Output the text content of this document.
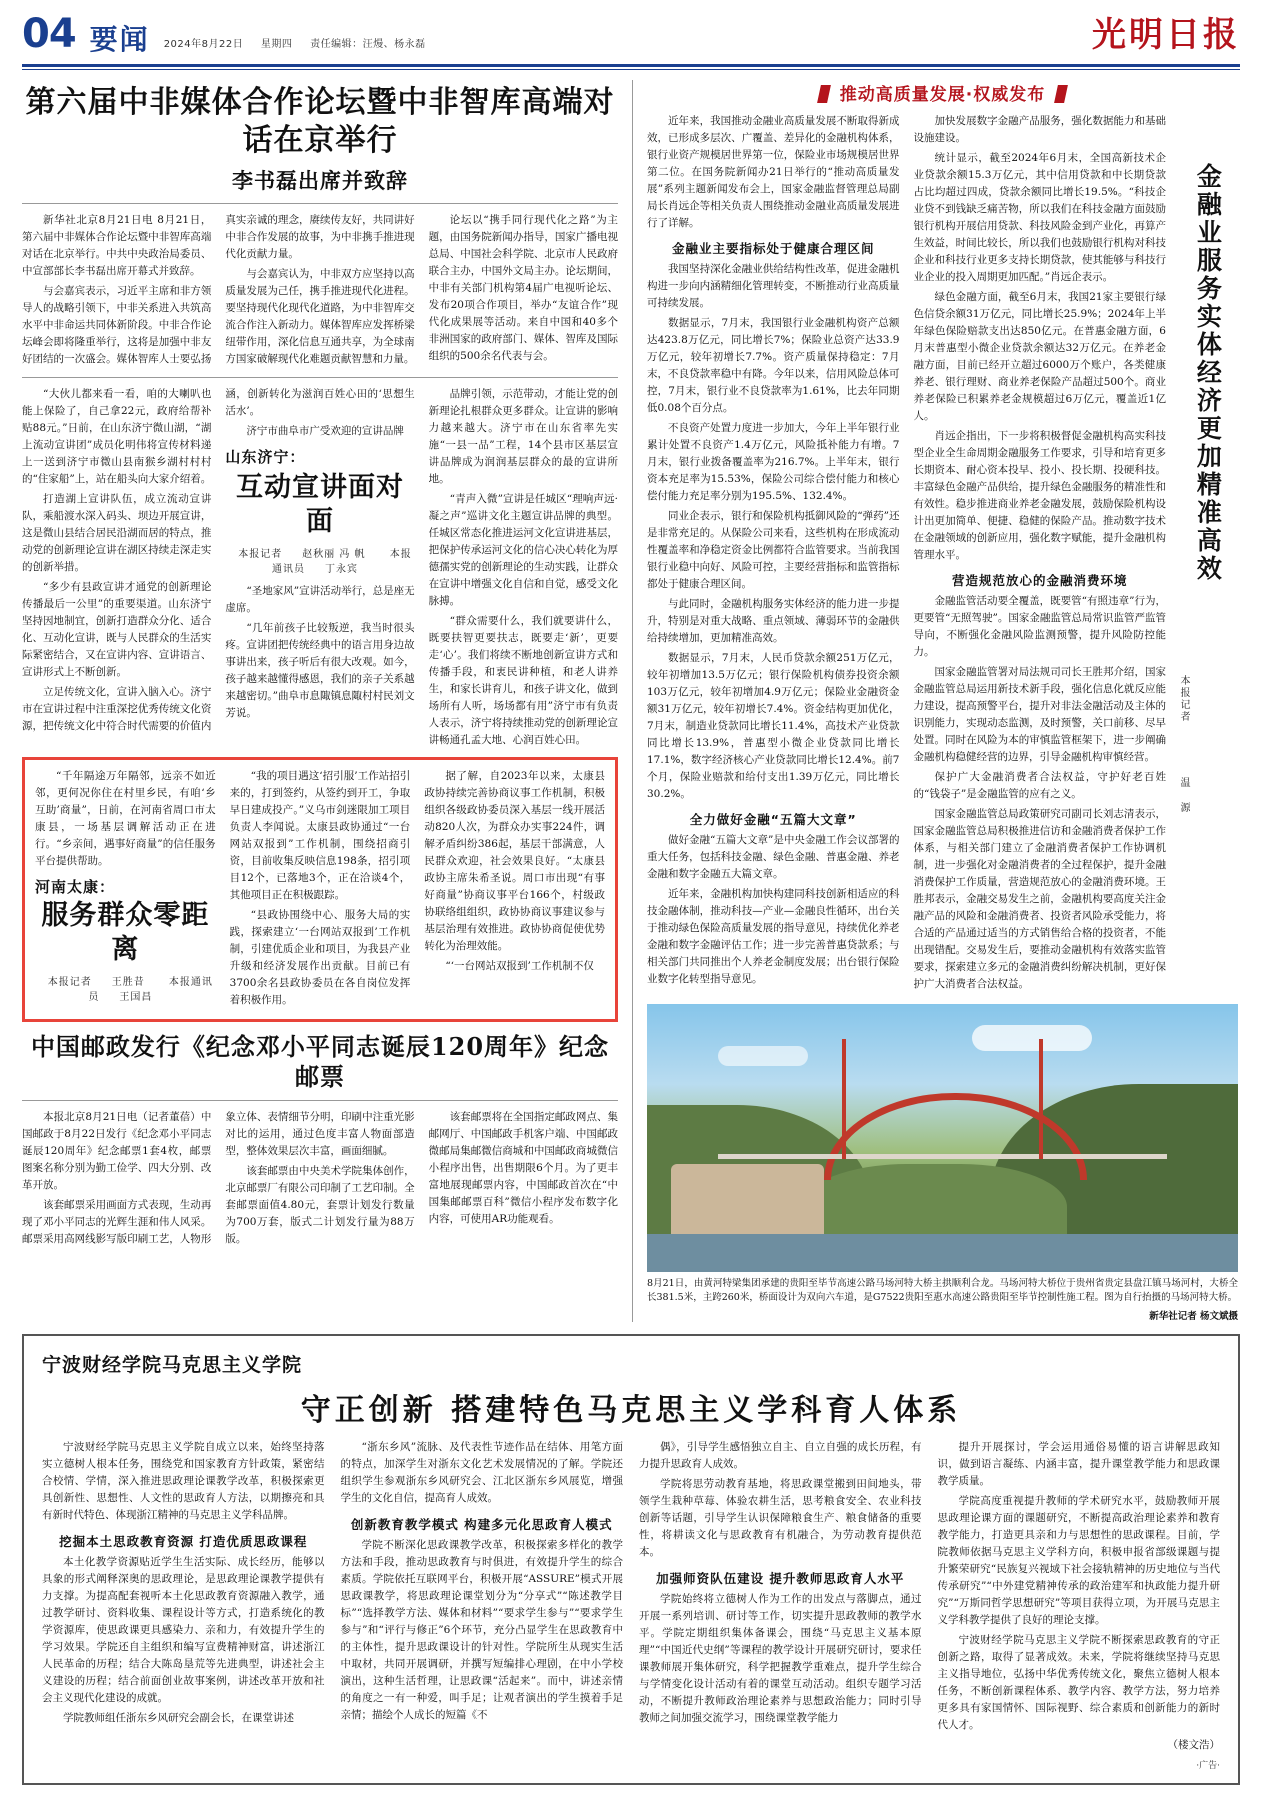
04 要闻 2024年8月22日 星期四 责任编辑：汪熳、杨永磊	光明日报
第六届中非媒体合作论坛暨中非智库高端对话在京举行
李书磊出席并致辞

新华社北京8月21日电 8月21日，第六届中非媒体合作论坛暨中非智库高端对话在北京举行。中共中央政治局委员、中宣部部长李书磊出席开幕式并致辞。

与会嘉宾表示，习近平主席和非方领导人的战略引领下，中非关系进入共筑高水平中非命运共同体新阶段。中非合作论坛峰会即将隆重举行，这将是加强中非友好团结的一次盛会。媒体智库人士要弘扬真实亲诚的理念，赓续传友好，共同讲好中非合作发展的故事，为中非携手推进现代化贡献力量。

与会嘉宾认为，中非双方应坚持以高质量发展为己任，携手推进现代化进程。要坚持现代化现代化道路，为中非智库交流合作注入新动力。媒体智库应发挥桥梁纽带作用，深化信息互通共享，为全球南方国家破解现代化难题贡献智慧和力量。

论坛以“携手同行现代化之路”为主题，由国务院新闻办指导，国家广播电视总局、中国社会科学院、北京市人民政府联合主办，中国外文局主办。论坛期间，中非有关部门机构第4届广电视听论坛、发布20项合作项目，举办“友谊合作”现代化成果展等活动。来自中国和40多个非洲国家的政府部门、媒体、智库及国际组织的500余名代表与会。

“大伙儿都来看一看，咱的大喇叭也能上保险了，自己拿22元，政府给帮补贴88元。”日前，在山东济宁微山湖，“湖上流动宣讲团”成员化明伟将宣传材料递上一送到济宁市微山县南猴乡湖村村村的“住家船”上，站在船头向大家介绍着。

打造湖上宣讲队伍，成立流动宣讲队，乘船渡水深入码头、坝边开展宣讲，这是微山县结合居民沿湖而居的特点，推动党的创新理论宣讲在湖区持续走深走实的创新举措。

“多少有县政宣讲才通党的创新理论传播最后一公里”的重要渠道。山东济宁坚持因地制宜，创新打造群众分化、适合化、互动化宣讲，既与人民群众的生活实际紧密结合，又在宣讲内容、宣讲语言、宣讲形式上不断创新。

立足传统文化，宣讲入脑入心。济宁市在宣讲过程中注重深挖优秀传统文化资源，把传统文化中符合时代需要的价值内涵，创新转化为滋润百姓心田的‘思想生活水’。

济宁市曲阜市广受欢迎的宣讲品牌

山东济宁：
互动宣讲面对面
本报记者 赵秋丽 冯 帆 本报通讯员 丁永宾

“圣地家风”宣讲活动举行，总是座无虚席。

“几年前孩子比较叛逆，我当时很头疼。宣讲团把传统经典中的语言用身边故事讲出来，孩子听后有很大改观。如今，孩子越来越懂得感恩，我们的亲子关系越来越密切。”曲阜市息陬镇息陬村村民刘文芳说。

品牌引领，示范带动，才能让党的创新理论扎根群众更多群众。让宣讲的影响力越来越大。济宁市在山东省率先实施“一县一品”工程，14个县市区基层宣讲品牌成为润润基层群众的最的宣讲所地。

“青声入微”宣讲是任城区“理响声远·凝之声”巡讲文化主题宣讲品牌的典型。任城区常态化推进运河文化宣讲进基层，把保护传承运河文化的信心决心转化为厚德孺实党的创新理论的生动实践，让群众在宣讲中增强文化自信和自觉，感受文化脉搏。

“群众需要什么，我们就要讲什么，既要扶智更要扶志，既要走‘新’，更要走‘心’。我们将续不断地创新宣讲方式和传播手段，和衷民讲种植，和老人讲养生，和家长讲育儿，和孩子讲文化，做到场所有人听，场场都有用”济宁市有负责人表示，济宁将持续推动党的创新理论宣讲畅通孔孟大地、心润百姓心田。

“千年隔途万年隔邻，远亲不如近邻，更何况你住在村里乡民，有咱‘乡互助’商量”，日前，在河南省周口市太康县，一场基层调解活动正在进行。“乡亲间，遇事好商量”的信任服务平台提供帮助。

河南太康：
服务群众零距离
本报记者 王胜昔 本报通讯员 王国昌

“我的项目遇这‘招引服’工作站招引来的，打到签约，从签约到开工，争取早日建成投产。”义乌市剑迷限加工项目负责人李闻说。太康县政协通过“一台网站双报到”工作机制，围绕招商引资，目前收集反映信息198条，招引项目12个，已落地3个，正在洽谈4个，其他项目正在积极跟踪。

“县政协围绕中心、服务大局的实践，探索建立‘一台网站双报到’工作机制，引建优质企业和项目，为我县产业升级和经济发展作出贡献。目前已有3700余名县政协委员在各自岗位发挥着积极作用。

据了解，自2023年以来，太康县政协持续完善协商议事工作机制，积极组织各级政协委员深入基层一线开展活动820人次，为群众办实事224件，调解矛盾纠纷386起，基层干部满意，人民群众欢迎，社会效果良好。“太康县政协主席朱希圣说。周口市出现“有事好商量”协商议事平台166个，村级政协联络组组织，政协协商议事建议参与基层治理有效推进。政协协商促使优势转化为治理效能。

“‘一台网站双报到’工作机制不仅

中国邮政发行《纪念邓小平同志诞辰120周年》纪念邮票

本报北京8月21日电（记者董蓓）中国邮政于8月22日发行《纪念邓小平同志诞辰120周年》纪念邮票1套4枚，邮票图案名称分别为勤工俭学、四大分别、改革开放。

该套邮票采用画面方式表现，生动再现了邓小平同志的光辉生涯和伟人风采。邮票采用高网线影写版印刷工艺，人物形象立体、表情细节分明，印刷中注重光影对比的运用，通过色度丰富人物面部造型，整体效果层次丰富，画面细腻。

该套邮票由中央美术学院集体创作，北京邮票厂有限公司印制了工艺印制。全套邮票面值4.80元，套票计划发行数量为700万套，版式二计划发行量为88万版。

该套邮票将在全国指定邮政网点、集邮网厅、中国邮政手机客户端、中国邮政微邮局集邮微信商城和中国邮政商城微信小程序出售，出售期限6个月。为了更丰富地展现邮票内容，中国邮政首次在“中国集邮邮票百科”微信小程序发布数字化内容，可使用AR功能观看。

推动高质量发展·权威发布
金融业服务实体经济更加精准高效
本报记者
温 源

近年来，我国推动金融业高质量发展不断取得新成效，已形成多层次、广覆盖、差异化的金融机构体系，银行业资产规模居世界第一位，保险业市场规模居世界第二位。在国务院新闻办21日举行的“推动高质量发展”系列主题新闻发布会上，国家金融监督管理总局副局长肖远企等相关负责人围绕推动金融业高质量发展进行了详解。

金融业主要指标处于健康合理区间

我国坚持深化金融业供给结构性改革，促进金融机构进一步向内涵精细化管理转变，不断推动行业高质量可持续发展。

数据显示，7月末，我国银行业金融机构资产总额达423.8万亿元，同比增长7%；保险业总资产达33.9万亿元，较年初增长7.7%。资产质量保持稳定：7月末，不良贷款率稳中有降。今年以来，信用风险总体可控，7月末，银行业不良贷款率为1.61%，比去年同期低0.08个百分点。

不良资产处置力度进一步加大，今年上半年银行业累计处置不良资产1.4万亿元，风险抵补能力有增。7月末，银行业拨备覆盖率为216.7%。上半年末，银行资本充足率为15.53%，保险公司综合偿付能力和核心偿付能力充足率分别为195.5%、132.4%。

同业企表示，银行和保险机构抵御风险的“弹药”还是非常充足的。从保险公司来看，这些机构在形成流动性覆盖率和净稳定资金比例都符合监管要求。当前我国银行业稳中向好、风险可控，主要经营指标和监管指标都处于健康合理区间。

与此同时，金融机构服务实体经济的能力进一步提升，特别是对重大战略、重点领域、薄弱环节的金融供给持续增加，更加精准高效。

数据显示，7月末，人民币贷款余额251万亿元，较年初增加13.5万亿元；银行保险机构债券投资余额103万亿元，较年初增加4.9万亿元；保险业金融资金额31万亿元，较年初增长7.4%。资金结构更加优化，7月末，制造业贷款同比增长11.4%，高技术产业贷款同比增长13.9%，普惠型小微企业贷款同比增长17.1%，数字经济核心产业贷款同比增长12.4%。前7个月，保险业赔款和给付支出1.39万亿元，同比增长30.2%。

全力做好金融“五篇大文章”

做好金融“五篇大文章”是中央金融工作会议部署的重大任务，包括科技金融、绿色金融、普惠金融、养老金融和数字金融五大篇文章。

近年来，金融机构加快构建同科技创新相适应的科技金融体制，推动科技—产业—金融良性循环，出台关于推动绿色保险高质量发展的指导意见，持续优化养老金融和数字金融评估工作；进一步完善普惠贷款系；与相关部门共同推出个人养老金制度发展；出台银行保险业数字化转型指导意见。

加快发展数字金融产品服务，强化数据能力和基础设施建设。

统计显示，截至2024年6月末，全国高新技术企业贷款余额15.3万亿元，其中信用贷款和中长期贷款占比均超过四成，贷款余额同比增长19.5%。“科技企业贷不到钱缺乏痛苦物，所以我们在科技金融方面鼓励银行机构开展信用贷款、科技风险金到产业化，再算产生效益，时间比较长，所以我们也鼓励银行机构对科技企业和科技行业更多支持长期贷款，使其能够与科技行业企业的投入周期更加匹配。”肖远企表示。

绿色金融方面，截至6月末，我国21家主要银行绿色信贷余额31万亿元，同比增长25.9%；2024年上半年绿色保险赔款支出达850亿元。在普惠金融方面，6月末普惠型小微企业贷款余额达32万亿元。在养老金融方面，目前已经开立超过6000万个账户，各类健康养老、银行理财、商业养老保险产品超过500个。商业养老保险已积累养老金规模超过6万亿元，覆盖近1亿人。

肖远企指出，下一步将积极督促金融机构高实科技型企业全生命周期金融服务工作要求，引导和培育更多长期资本、耐心资本投早、投小、投长期、投硬科技。丰富绿色金融产品供给，提升绿色金融服务的精准性和有效性。稳步推进商业养老金融发展，鼓励保险机构设计出更加简单、便捷、稳健的保险产品。推动数字技术在金融领域的创新应用，强化数字赋能，提升金融机构管理水平。

营造规范放心的金融消费环境

金融监管活动要全覆盖，既要管“有照违章”行为，更要管“无照驾驶”。国家金融监管总局常识监管严监管导向，不断强化金融风险监测预警，提升风险防控能力。

国家金融监管署对局法规司司长王胜邦介绍，国家金融监管总局运用新技术新手段，强化信息化就反应能力建设，提高预警平台，提升对非法金融活动及主体的识别能力，实现动态监测，及时预警，关口前移、尽早处置。同时在风险为本的审慎监管框架下，进一步阐确金融机构稳健经营的边界，引导金融机构审慎经营。

保护广大金融消费者合法权益，守护好老百姓的“钱袋子”是金融监管的应有之义。

国家金融监管总局政策研究司副司长刘志清表示，国家金融监管总局积极推进信访和金融消费者保护工作体系，与相关部门建立了金融消费者保护工作协调机制，进一步强化对金融消费者的全过程保护，提升金融消费保护工作质量，营造规范放心的金融消费环境。王胜邦表示，金融交易发生之前，金融机构要高度关注金融产品的风险和金融消费者、投资者风险承受能力，将合适的产品通过适当的方式销售给合格的投资者，不能出现错配。交易发生后，要推动金融机构有效落实监管要求，探索建立多元的金融消费纠纷解决机制，更好保护广大消费者合法权益。

8月21日，由黄河特梁集团承建的贵阳至毕节高速公路马场河特大桥主拱顺利合龙。马场河特大桥位于贵州省贵定县盘江镇马场河村，大桥全长381.5米，主跨260米，桥面设计为双向六车道，是G7522贵阳至惠水高速公路贵阳至毕节控制性施工程。图为自行抬摄的马场河特大桥。
新华社记者 杨文斌摄
宁波财经学院马克思主义学院
守正创新 搭建特色马克思主义学科育人体系

宁波财经学院马克思主义学院自成立以来，始终坚持落实立德树人根本任务，围绕党和国家教育方针政策，紧密结合校情、学情，深入推进思政理论课教学改革，积极探索更具创新性、思想性、人文性的思政育人方法，以期擦亮和具有新时代特色、体现浙江精神的马克思主义学科品牌。

挖掘本土思政教育资源 打造优质思政课程

本土化教学资源贴近学生生活实际、成长经历，能够以具象的形式阐释深奥的思政理论，是思政理论课教学提供有力支撑。为提高配套视听本土化思政教育资源融入教学，通过教学研讨、资料收集、课程设计等方式，打造系统化的教学资源库，使思政课更具感染力、亲和力，有效提升学生的学习效果。学院还自主组织和编写宣费精神财富，讲述浙江人民革命的历程；结合大陈岛垦荒等先进典型，讲述社会主义建设的历程；结合前面创业故事案例，讲述改革开放和社会主义现代化建设的成就。

学院教师组任浙东乡风研究会副会长，在课堂讲述

“浙东乡风”流脉、及代表性节迹作品在结体、用笔方面的特点，加深学生对浙东文化艺术发展情况的了解。学院还组织学生参观浙东乡风研究会、江北区浙东乡风展览，增强学生的文化自信，提高育人成效。

创新教育教学模式 构建多元化思政育人模式

学院不断深化思政课教学改革，积极探索多样化的教学方法和手段，推动思政教育与时俱进，有效提升学生的综合素质。学院依托互联网平台，积极开展“ASSURE”模式开展思政课教学，将思政理论课堂划分为“分享式”“陈述教学目标”“选择教学方法、媒体和材料”“要求学生参与”“要求学生参与”和“评行与修正”6个环节，充分凸显学生在思政教育中的主体性，提升思政课设计的针对性。学院所生从现实生活中取材，共同开展调研，并撰写短编排心理剧，在中小学校演出，这种生活哲理，让思政课“活起来”。而中，讲述亲情的角度之一有一种爱，叫手足；让观者演出的学生摸着手足亲情；描绘个人成长的短篇《不

偶》，引导学生感悟独立自主、自立自强的成长历程，有力提升思政育人成效。

学院将思劳动教育基地，将思政课堂搬到田间地头，带领学生栽种草莓、体验农耕生活，思考粮食安全、农业科技创新等话题，引导学生认识保障粮食生产、粮食储备的重要性，将耕读文化与思政教育有机融合，为劳动教育提供范本。

加强师资队伍建设 提升教师思政育人水平

学院始终将立德树人作为工作的出发点与落脚点，通过开展一系列培训、研讨等工作，切实提升思政教师的教学水平。学院定期组织集体备课会，围绕“马克思主义基本原理”“中国近代史纲”等课程的教学设计开展研究研讨，要求任课教师展开集体研究，科学把握教学重难点，提升学生综合与学情变化设计活动有着的课堂互动活动。组织专题学习活动，不断提升教师政治理论素养与思想政治能力；同时引导教师之间加强交流学习，围绕课堂教学能力

提升开展探讨，学会运用通俗易懂的语言讲解思政知识，做到语言凝练、内涵丰富，提升课堂教学能力和思政课教学质量。

学院高度重视提升教师的学术研究水平，鼓励教师开展思政理论课方面的课题研究，不断提高政治理论素养和教育教学能力，打造更具亲和力与思想性的思政课程。目前，学院教师依据马克思主义学科方向，积极申报省部级课题与提升繁荣研究“民族复兴视域下社会接轨精神的历史地位与当代传承研究”“中外建党精神传承的政治建军和执政能力提升研究”“万斯同哲学思想研究”等项目获得立项，为开展马克思主义学科教学提供了良好的理论支撑。

宁波财经学院马克思主义学院不断探索思政教育的守正创新之路，取得了显著成效。未来，学院将继续坚持马克思主义指导地位，弘扬中华优秀传统文化，聚焦立德树人根本任务，不断创新课程体系、教学内容、教学方法，努力培养更多具有家国情怀、国际视野、综合素质和创新能力的新时代人才。

（楼文浩）

·广告·
